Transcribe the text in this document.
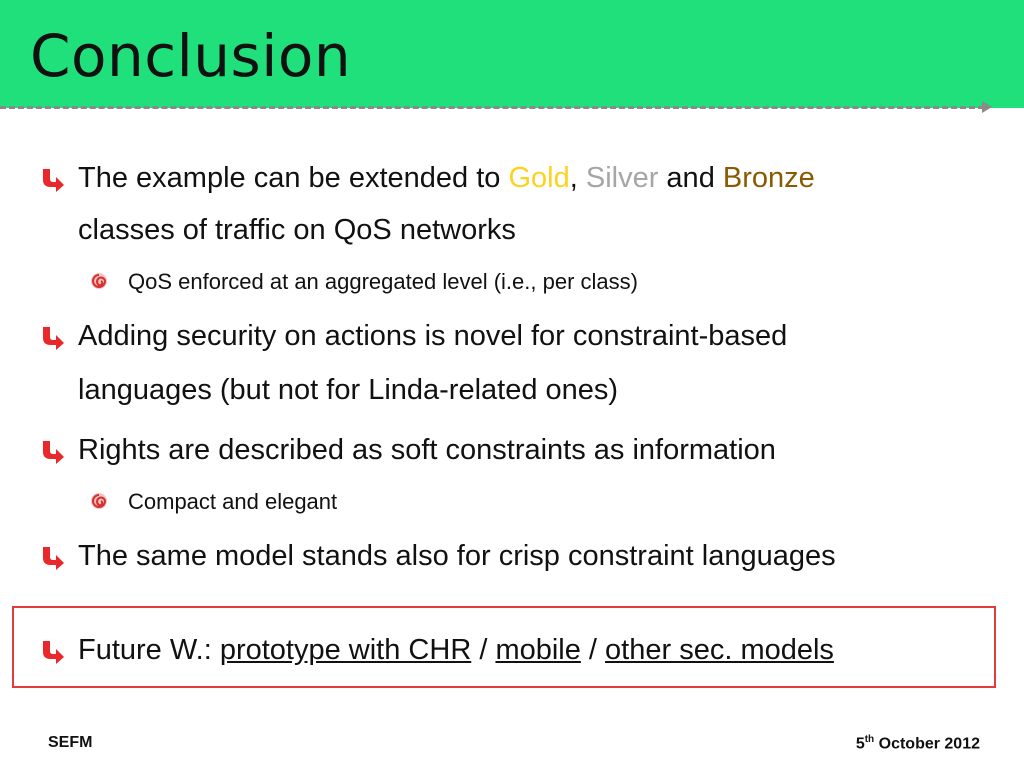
Conclusion
The example can be extended to Gold, Silver and Bronze
classes of traffic on QoS networks
QoS enforced at an aggregated level (i.e., per class)
Adding security on actions is novel for constraint-based
languages (but not for Linda-related ones)
Rights are described as soft constraints as information
Compact and elegant
The same model stands also for crisp constraint languages
Future W.: prototype with CHR / mobile / other sec. models
SEFM	5th October 2012
